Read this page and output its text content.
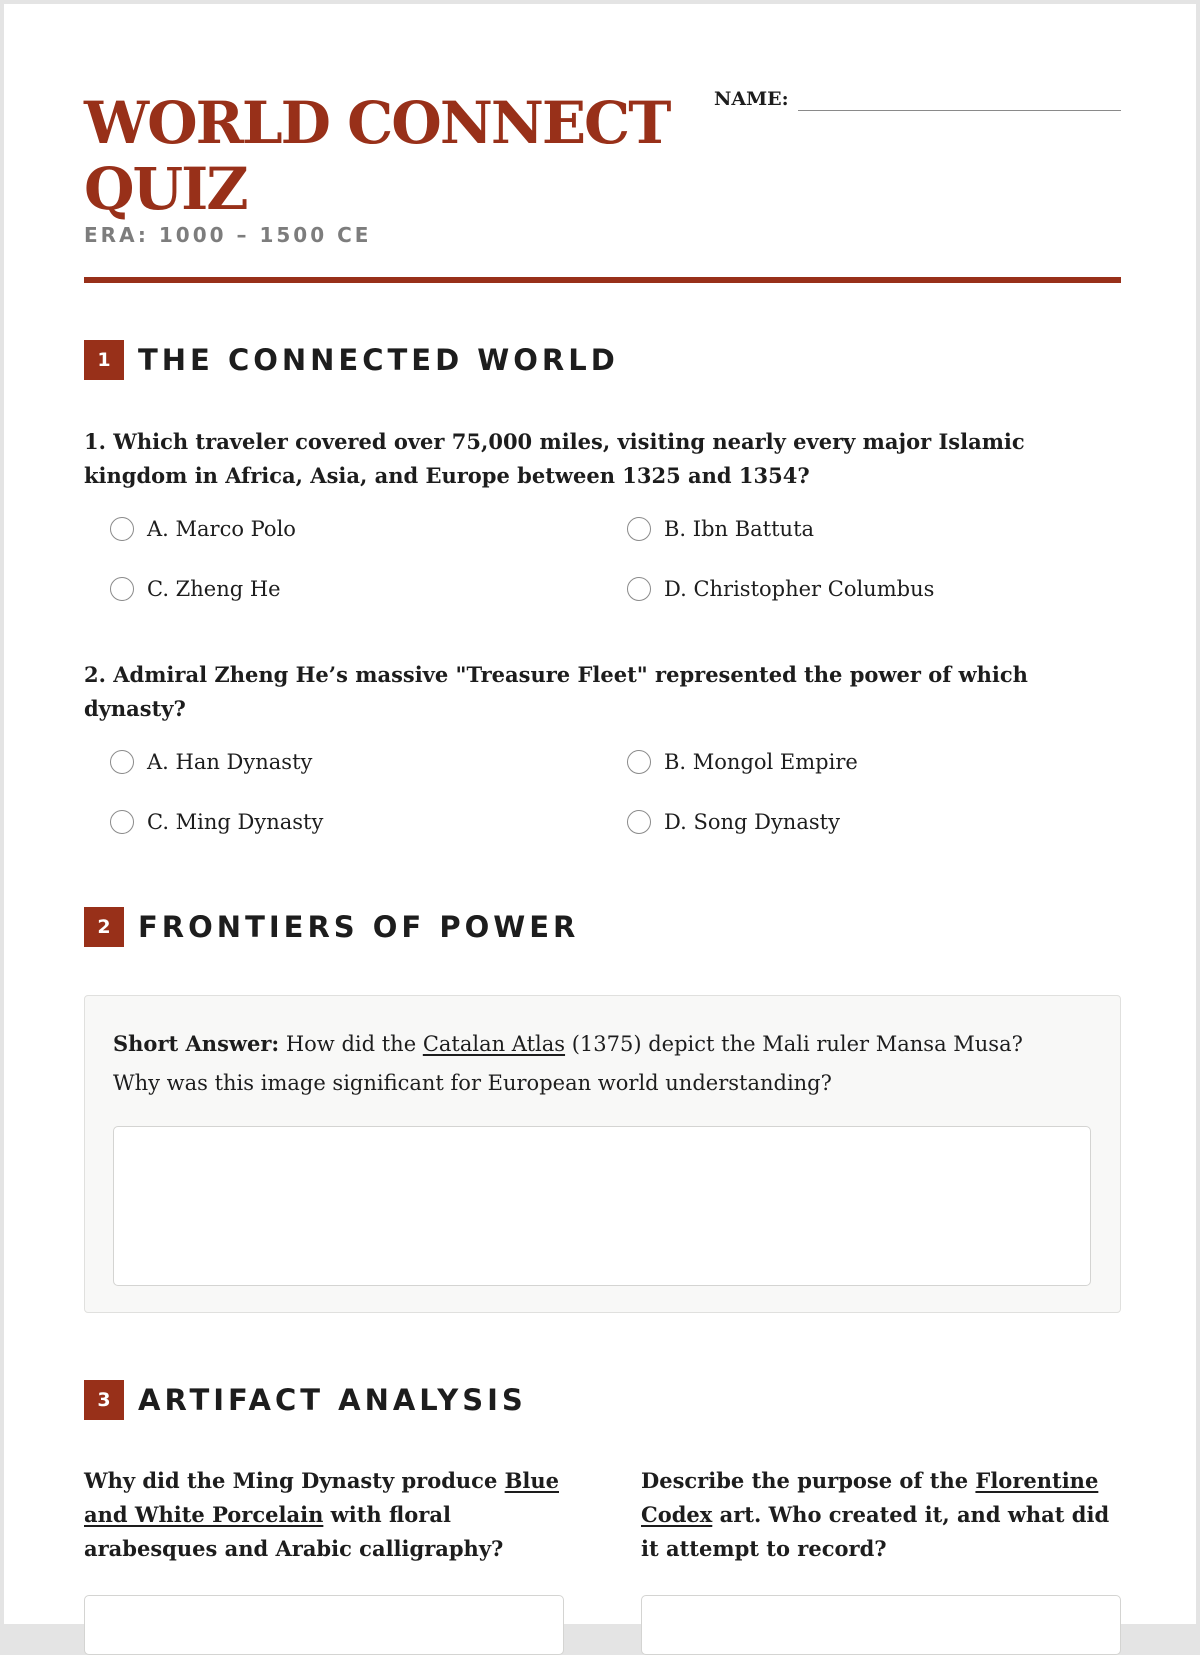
WORLD CONNECT QUIZ
ERA: 1000 – 1500 CE
NAME:
1 THE CONNECTED WORLD
1. Which traveler covered over 75,000 miles, visiting nearly every major Islamic kingdom in Africa, Asia, and Europe between 1325 and 1354?
A. Marco Polo	B. Ibn Battuta
C. Zheng He	D. Christopher Columbus
2. Admiral Zheng He’s massive "Treasure Fleet" represented the power of which dynasty?
A. Han Dynasty	B. Mongol Empire
C. Ming Dynasty	D. Song Dynasty
2 FRONTIERS OF POWER
Short Answer: How did the Catalan Atlas (1375) depict the Mali ruler Mansa Musa? Why was this image significant for European world understanding?
3 ARTIFACT ANALYSIS
Why did the Ming Dynasty produce Blue and White Porcelain with floral arabesques and Arabic calligraphy?
Describe the purpose of the Florentine Codex art. Who created it, and what did it attempt to record?
